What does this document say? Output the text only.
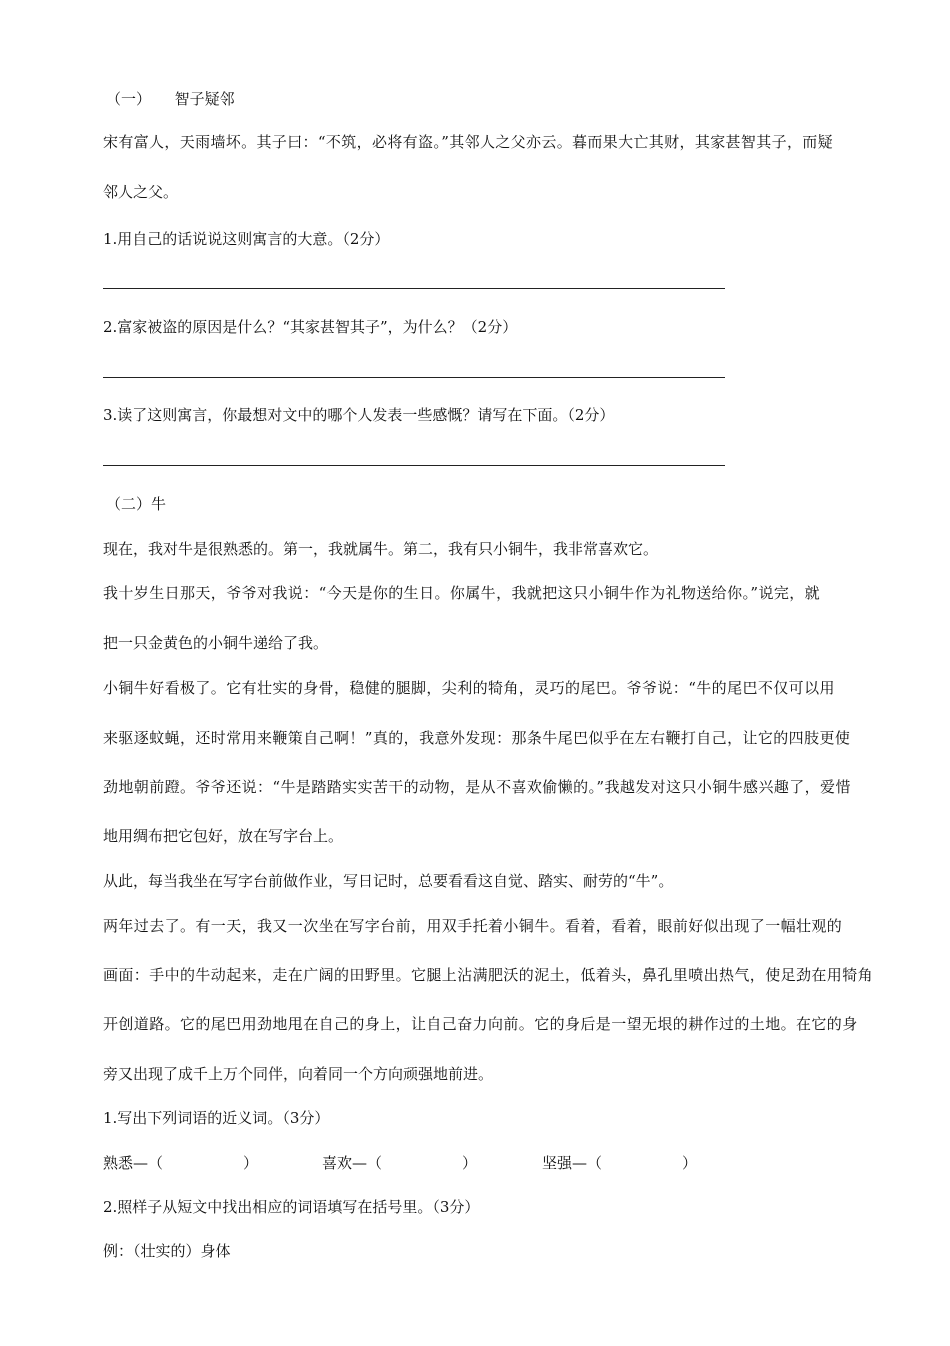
（一） 智子疑邻
宋有富人，天雨墙坏。其子曰：“不筑，必将有盗。”其邻人之父亦云。暮而果大亡其财，其家甚智其子，而疑
邻人之父。
1.用自己的话说说这则寓言的大意。（2分）
2.富家被盗的原因是什么？“其家甚智其子”，为什么？（2分）
3.读了这则寓言，你最想对文中的哪个人发表一些感慨？请写在下面。（2分）
（二）牛
现在，我对牛是很熟悉的。第一，我就属牛。第二，我有只小铜牛，我非常喜欢它。
我十岁生日那天，爷爷对我说：“今天是你的生日。你属牛，我就把这只小铜牛作为礼物送给你。”说完，就
把一只金黄色的小铜牛递给了我。
小铜牛好看极了。它有壮实的身骨，稳健的腿脚，尖利的犄角，灵巧的尾巴。爷爷说：“牛的尾巴不仅可以用
来驱逐蚊蝇，还时常用来鞭策自己啊！”真的，我意外发现：那条牛尾巴似乎在左右鞭打自己，让它的四肢更使
劲地朝前蹬。爷爷还说：“牛是踏踏实实苦干的动物，是从不喜欢偷懒的。”我越发对这只小铜牛感兴趣了，爱惜
地用绸布把它包好，放在写字台上。
从此，每当我坐在写字台前做作业，写日记时，总要看看这自觉、踏实、耐劳的“牛”。
两年过去了。有一天，我又一次坐在写字台前，用双手托着小铜牛。看着，看着，眼前好似出现了一幅壮观的
画面：手中的牛动起来，走在广阔的田野里。它腿上沾满肥沃的泥土，低着头，鼻孔里喷出热气，使足劲在用犄角
开创道路。它的尾巴用劲地甩在自己的身上，让自己奋力向前。它的身后是一望无垠的耕作过的土地。在它的身
旁又出现了成千上万个同伴，向着同一个方向顽强地前进。
1.写出下列词语的近义词。（3分）
熟悉—（	）	喜欢—（	）	坚强—（	）
2.照样子从短文中找出相应的词语填写在括号里。（3分）
例：（壮实的）身体
